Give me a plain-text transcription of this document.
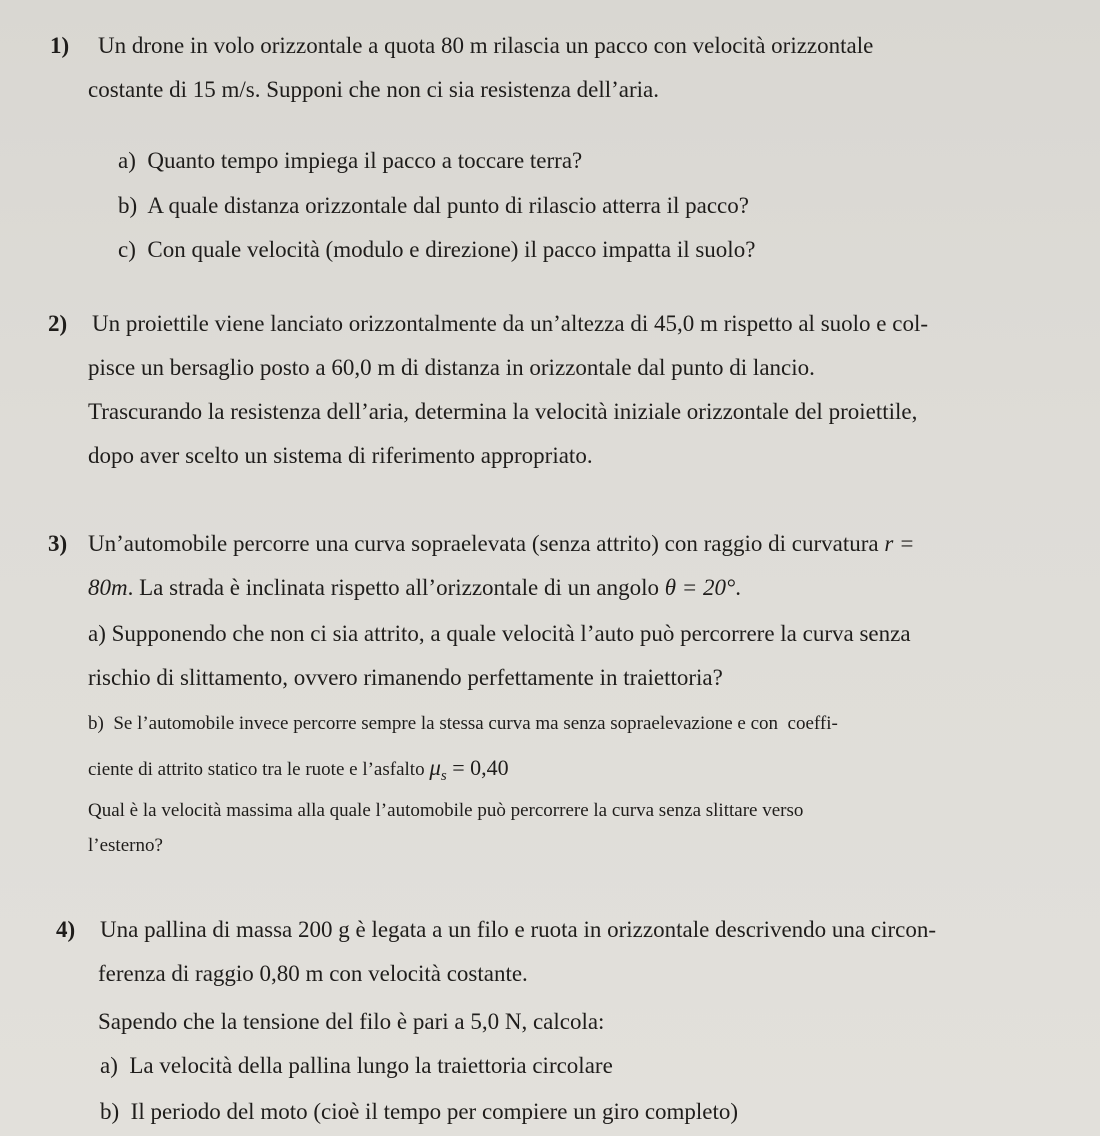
1) Un drone in volo orizzontale a quota 80 m rilascia un pacco con velocità orizzontale
costante di 15 m/s. Supponi che non ci sia resistenza dell’aria.
a)  Quanto tempo impiega il pacco a toccare terra?
b)  A quale distanza orizzontale dal punto di rilascio atterra il pacco?
c)  Con quale velocità (modulo e direzione) il pacco impatta il suolo?
2) Un proiettile viene lanciato orizzontalmente da un’altezza di 45,0 m rispetto al suolo e col-
pisce un bersaglio posto a 60,0 m di distanza in orizzontale dal punto di lancio.
Trascurando la resistenza dell’aria, determina la velocità iniziale orizzontale del proiettile,
dopo aver scelto un sistema di riferimento appropriato.
3) Un’automobile percorre una curva sopraelevata (senza attrito) con raggio di curvatura r =
80m. La strada è inclinata rispetto all’orizzontale di un angolo θ = 20°.
a) Supponendo che non ci sia attrito, a quale velocità l’auto può percorrere la curva senza
rischio di slittamento, ovvero rimanendo perfettamente in traiettoria?
b)  Se l’automobile invece percorre sempre la stessa curva ma senza sopraelevazione e con  coeffi-
ciente di attrito statico tra le ruote e l’asfalto $\mu_s = 0,40$
Qual è la velocità massima alla quale l’automobile può percorrere la curva senza slittare verso
l’esterno?
4) Una pallina di massa 200 g è legata a un filo e ruota in orizzontale descrivendo una circon-
ferenza di raggio 0,80 m con velocità costante.
Sapendo che la tensione del filo è pari a 5,0 N, calcola:
a)  La velocità della pallina lungo la traiettoria circolare
b)  Il periodo del moto (cioè il tempo per compiere un giro completo)
